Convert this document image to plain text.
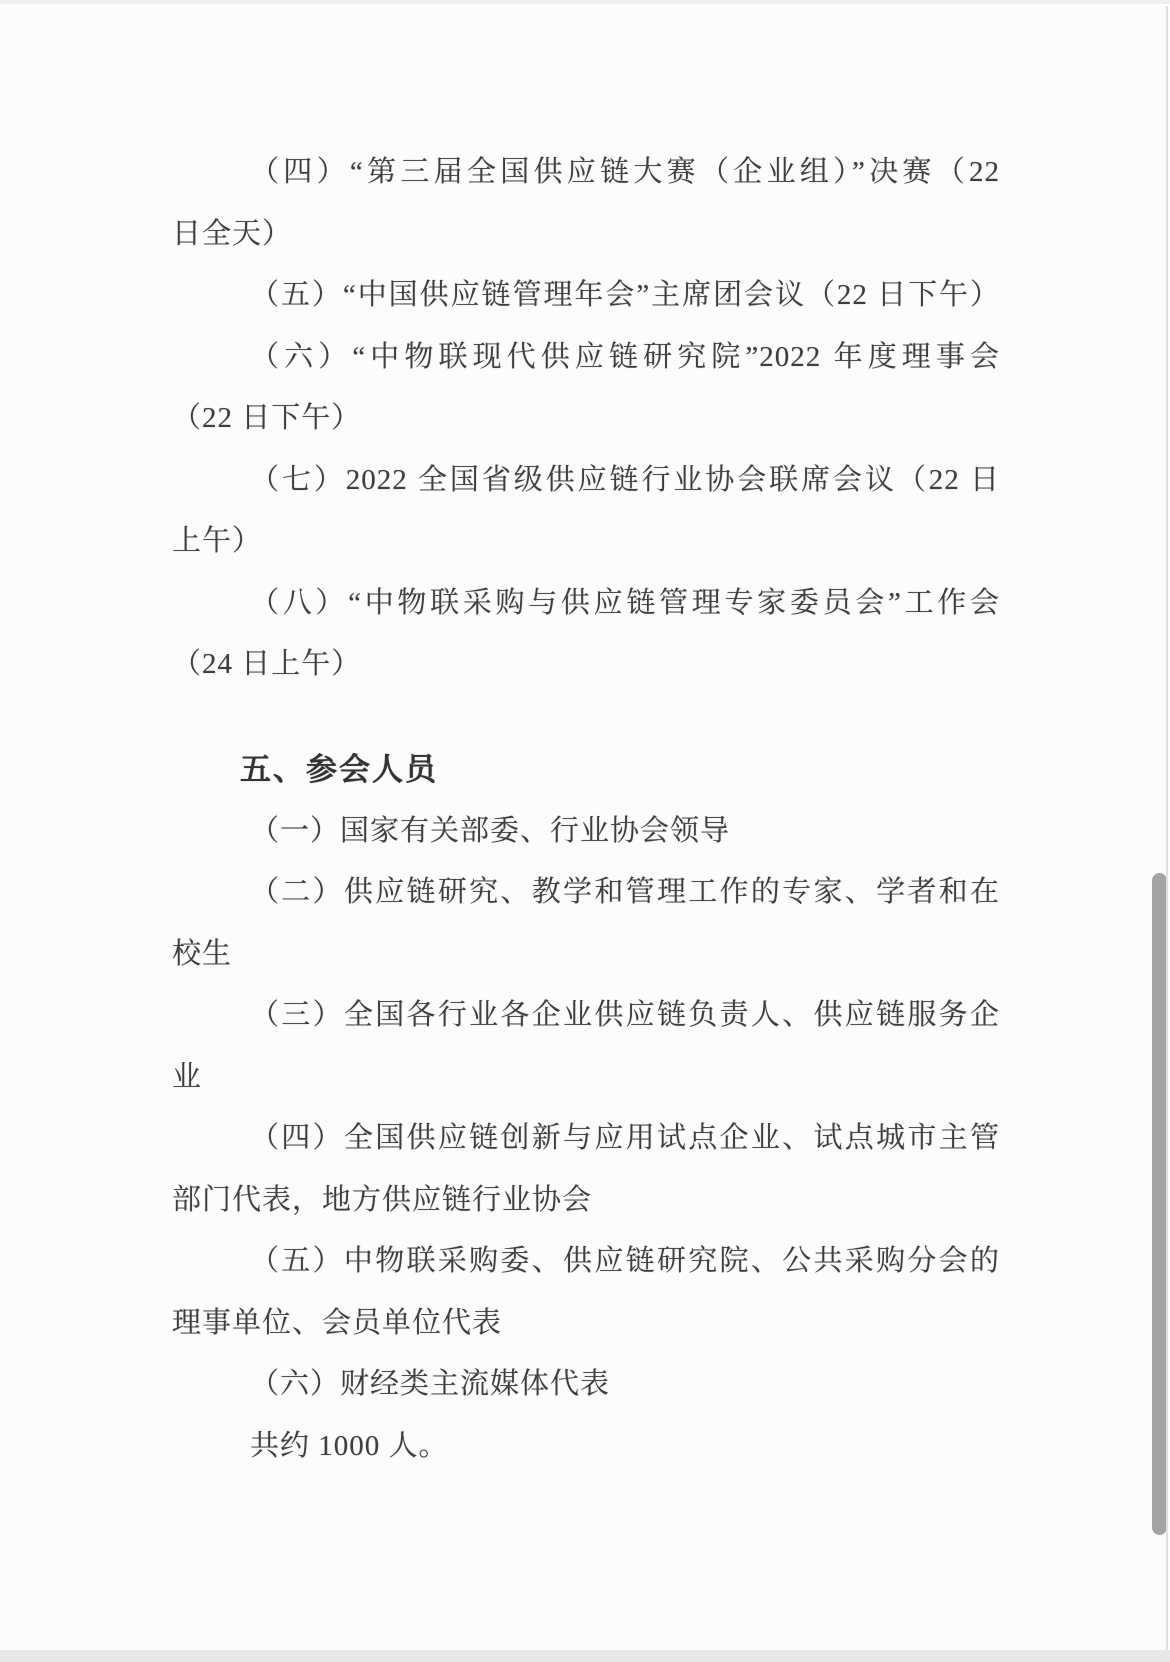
（四）“第三届全国供应链大赛（企业组）”决赛（22
日全天）
（五）“中国供应链管理年会”主席团会议（22 日下午）
（六）“中物联现代供应链研究院”2022 年度理事会
（22 日下午）
（七）2022 全国省级供应链行业协会联席会议（22 日
上午）
（八）“中物联采购与供应链管理专家委员会”工作会
（24 日上午）
五、参会人员
（一）国家有关部委、行业协会领导
（二）供应链研究、教学和管理工作的专家、学者和在
校生
（三）全国各行业各企业供应链负责人、供应链服务企
业
（四）全国供应链创新与应用试点企业、试点城市主管
部门代表，地方供应链行业协会
（五）中物联采购委、供应链研究院、公共采购分会的
理事单位、会员单位代表
（六）财经类主流媒体代表
共约 1000 人。
